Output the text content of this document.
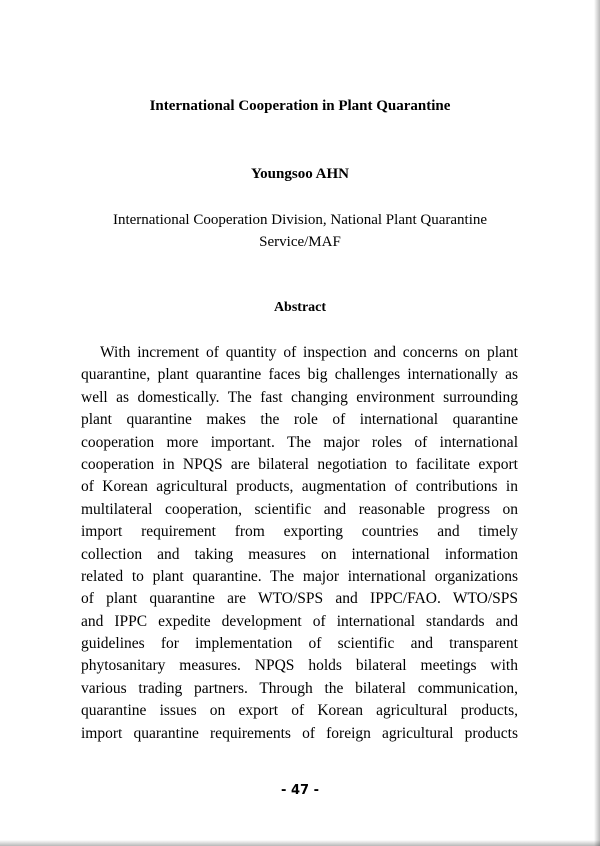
International Cooperation in Plant Quarantine
Youngsoo AHN
International Cooperation Division, National Plant Quarantine
Service/MAF
Abstract
With increment of quantity of inspection and concerns on plant
quarantine, plant quarantine faces big challenges internationally as
well as domestically. The fast changing environment surrounding
plant quarantine makes the role of international quarantine
cooperation more important. The major roles of international
cooperation in NPQS are bilateral negotiation to facilitate export
of Korean agricultural products, augmentation of contributions in
multilateral cooperation, scientific and reasonable progress on
import requirement from exporting countries and timely
collection and taking measures on international information
related to plant quarantine. The major international organizations
of plant quarantine are WTO/SPS and IPPC/FAO. WTO/SPS
and IPPC expedite development of international standards and
guidelines for implementation of scientific and transparent
phytosanitary measures. NPQS holds bilateral meetings with
various trading partners. Through the bilateral communication,
quarantine issues on export of Korean agricultural products,
import quarantine requirements of foreign agricultural products
- 47 -
